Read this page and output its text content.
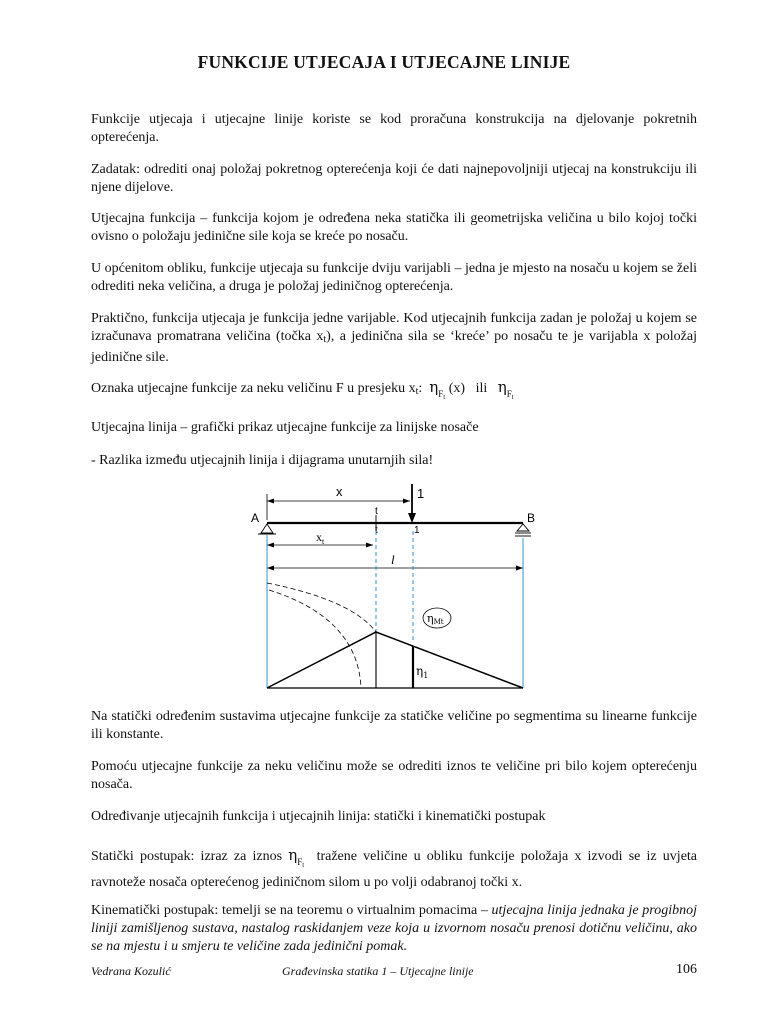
FUNKCIJE UTJECAJA I UTJECAJNE LINIJE

Funkcije utjecaja i utjecajne linije koriste se kod proračuna konstrukcija na djelovanje pokretnih opterećenja.

Zadatak: odrediti onaj položaj pokretnog opterećenja koji će dati najnepovoljniji utjecaj na konstrukciju ili njene dijelove.

Utjecajna funkcija – funkcija kojom je određena neka statička ili geometrijska veličina u bilo kojoj točki ovisno o položaju jedinične sile koja se kreće po nosaču.

U općenitom obliku, funkcije utjecaja su funkcije dviju varijabli – jedna je mjesto na nosaču u kojem se želi odrediti neka veličina, a druga je položaj jediničnog opterećenja.

Praktično, funkcija utjecaja je funkcija jedne varijable. Kod utjecajnih funkcija zadan je položaj u kojem se izračunava promatrana veličina (točka $x_t$), a jedinična sila se ‘kreće’ po nosaču te je varijabla x položaj jedinične sile.

Oznaka utjecajne funkcije za neku veličinu F u presjeku $x_t$: $\eta_{Ft}$ (x) ili $\eta_{Ft}$

Utjecajna linija – grafički prikaz utjecajne funkcije za linijske nosače

- Razlika između utjecajnih linija i dijagrama unutarnjih sila!

x	1
A	B
t
t	1
$x_t$
l
ηMt
$\eta_1$

Na statički određenim sustavima utjecajne funkcije za statičke veličine po segmentima su linearne funkcije ili konstante.

Pomoću utjecajne funkcije za neku veličinu može se odrediti iznos te veličine pri bilo kojem opterećenju nosača.

Određivanje utjecajnih funkcija i utjecajnih linija: statički i kinematički postupak

Statički postupak: izraz za iznos $\eta_{Ft}$  tražene veličine u obliku funkcije položaja x izvodi se iz uvjeta ravnoteže nosača opterećenog jediničnom silom u po volji odabranoj točki x.

Kinematički postupak: temelji se na teoremu o virtualnim pomacima – utjecajna linija jednaka je progibnoj liniji zamišljenog sustava, nastalog raskidanjem veze koja u izvornom nosaču prenosi dotičnu veličinu, ako se na mjestu i u smjeru te veličine zada jedinični pomak.

Vedrana Kozulić	Građevinska statika 1 – Utjecajne linije	106
